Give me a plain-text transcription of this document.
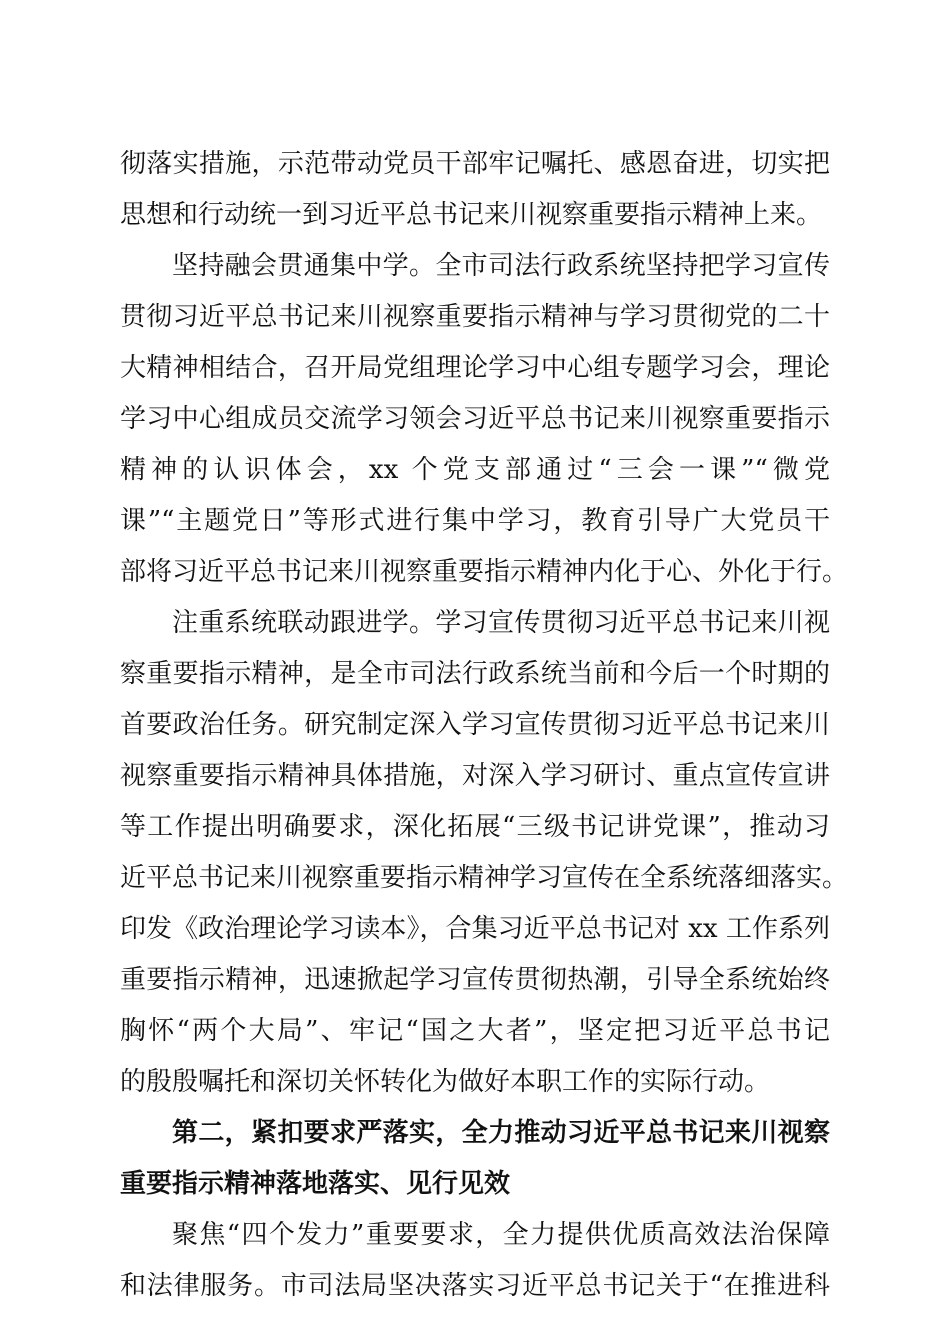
彻落实措施，示范带动党员干部牢记嘱托、感恩奋进，切实把
思想和行动统一到习近平总书记来川视察重要指示精神上来。
坚持融会贯通集中学。全市司法行政系统坚持把学习宣传
贯彻习近平总书记来川视察重要指示精神与学习贯彻党的二十
大精神相结合，召开局党组理论学习中心组专题学习会，理论
学习中心组成员交流学习领会习近平总书记来川视察重要指示
精神的认识体会，xx 个党支部通过“三会一课”“微党
课”“主题党日”等形式进行集中学习，教育引导广大党员干
部将习近平总书记来川视察重要指示精神内化于心、外化于行。
注重系统联动跟进学。学习宣传贯彻习近平总书记来川视
察重要指示精神，是全市司法行政系统当前和今后一个时期的
首要政治任务。研究制定深入学习宣传贯彻习近平总书记来川
视察重要指示精神具体措施，对深入学习研讨、重点宣传宣讲
等工作提出明确要求，深化拓展“三级书记讲党课”，推动习
近平总书记来川视察重要指示精神学习宣传在全系统落细落实。
印发《政治理论学习读本》，合集习近平总书记对 xx 工作系列
重要指示精神，迅速掀起学习宣传贯彻热潮，引导全系统始终
胸怀“两个大局”、牢记“国之大者”，坚定把习近平总书记
的殷殷嘱托和深切关怀转化为做好本职工作的实际行动。
第二，紧扣要求严落实，全力推动习近平总书记来川视察
重要指示精神落地落实、见行见效
聚焦“四个发力”重要要求，全力提供优质高效法治保障
和法律服务。市司法局坚决落实习近平总书记关于“在推进科
